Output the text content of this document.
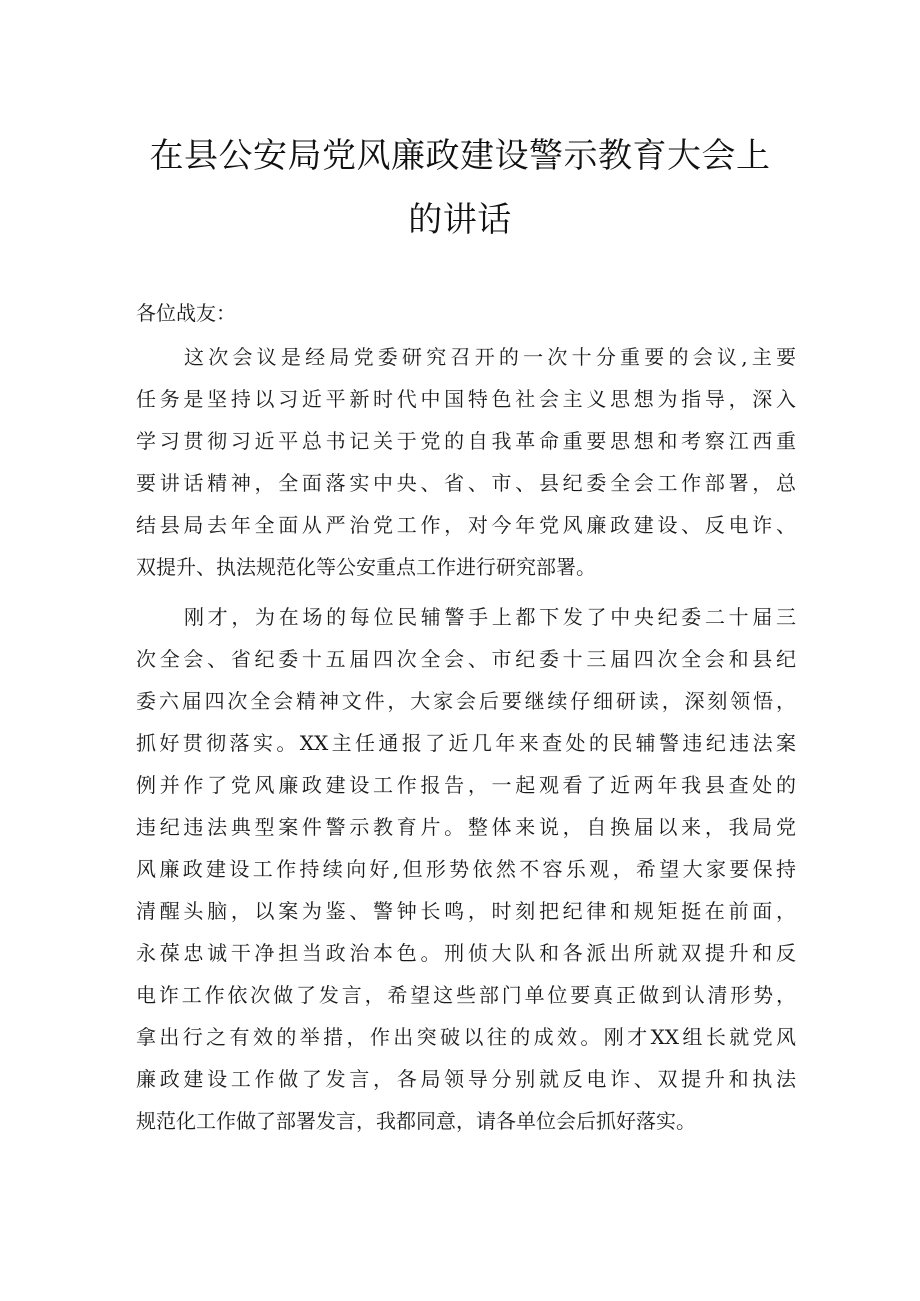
在县公安局党风廉政建设警示教育大会上
的讲话
各位战友：
这次会议是经局党委研究召开的一次十分重要的会议,主要
任务是坚持以习近平新时代中国特色社会主义思想为指导，深入
学习贯彻习近平总书记关于党的自我革命重要思想和考察江西重
要讲话精神，全面落实中央、省、市、县纪委全会工作部署，总
结县局去年全面从严治党工作，对今年党风廉政建设、反电诈、
双提升、执法规范化等公安重点工作进行研究部署。
刚才，为在场的每位民辅警手上都下发了中央纪委二十届三
次全会、省纪委十五届四次全会、市纪委十三届四次全会和县纪
委六届四次全会精神文件，大家会后要继续仔细研读，深刻领悟，
抓好贯彻落实。XX主任通报了近几年来查处的民辅警违纪违法案
例并作了党风廉政建设工作报告，一起观看了近两年我县查处的
违纪违法典型案件警示教育片。整体来说，自换届以来，我局党
风廉政建设工作持续向好,但形势依然不容乐观，希望大家要保持
清醒头脑，以案为鉴、警钟长鸣，时刻把纪律和规矩挺在前面，
永葆忠诚干净担当政治本色。刑侦大队和各派出所就双提升和反
电诈工作依次做了发言，希望这些部门单位要真正做到认清形势，
拿出行之有效的举措，作出突破以往的成效。刚才XX组长就党风
廉政建设工作做了发言，各局领导分别就反电诈、双提升和执法
规范化工作做了部署发言，我都同意，请各单位会后抓好落实。
